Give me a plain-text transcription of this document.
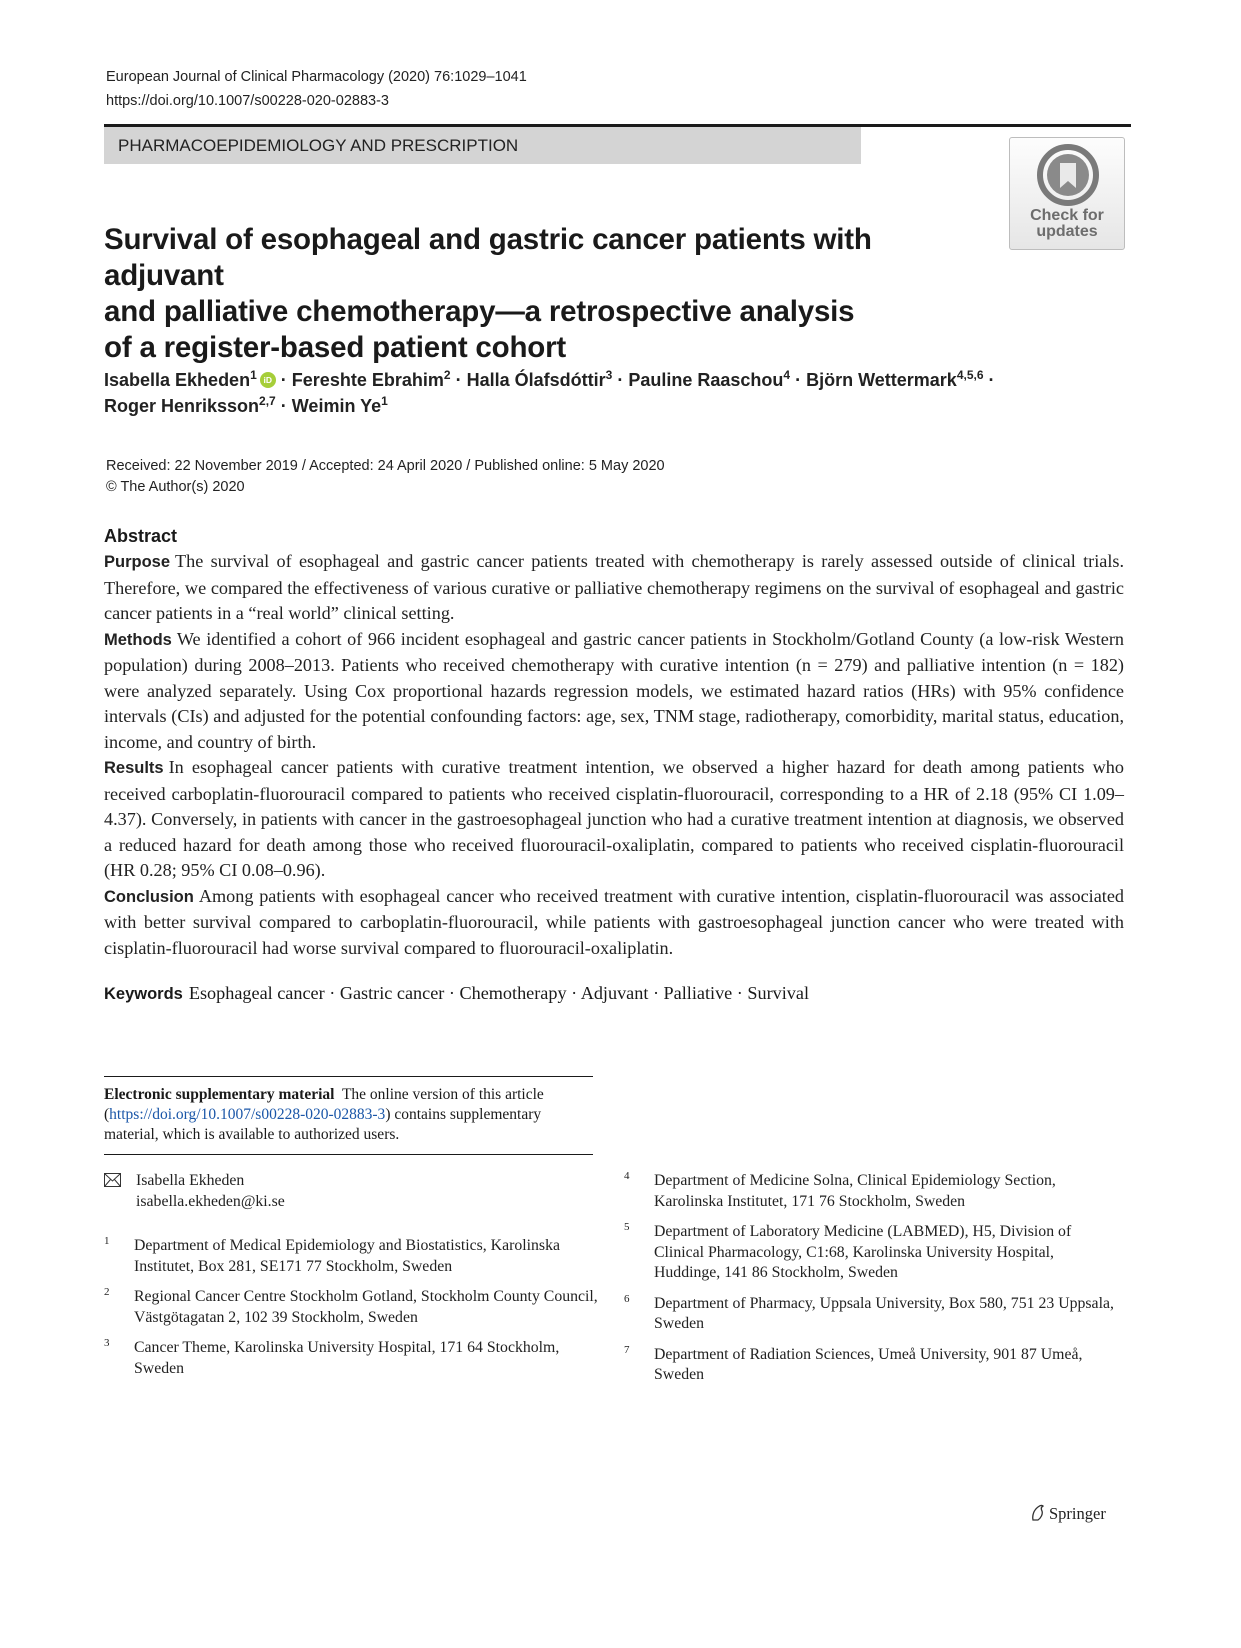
European Journal of Clinical Pharmacology (2020) 76:1029–1041
https://doi.org/10.1007/s00228-020-02883-3
PHARMACOEPIDEMIOLOGY AND PRESCRIPTION
Check for
updates
Survival of esophageal and gastric cancer patients with adjuvant
and palliative chemotherapy—a retrospective analysis
of a register-based patient cohort
Isabella Ekheden$^1$iD · Fereshte Ebrahim$^2$ · Halla Ólafsdóttir$^3$ · Pauline Raaschou$^4$ · Björn Wettermark$^{4,5,6}$ ·
Roger Henriksson$^{2,7}$ · Weimin Ye$^1$
Received: 22 November 2019 / Accepted: 24 April 2020 / Published online: 5 May 2020
© The Author(s) 2020
Abstract

Purpose The survival of esophageal and gastric cancer patients treated with chemotherapy is rarely assessed outside of clinical trials. Therefore, we compared the effectiveness of various curative or palliative chemotherapy regimens on the survival of esophageal and gastric cancer patients in a “real world” clinical setting.

Methods We identified a cohort of 966 incident esophageal and gastric cancer patients in Stockholm/Gotland County (a low-risk Western population) during 2008–2013. Patients who received chemotherapy with curative intention (n = 279) and palliative intention (n = 182) were analyzed separately. Using Cox proportional hazards regression models, we estimated hazard ratios (HRs) with 95% confidence intervals (CIs) and adjusted for the potential confounding factors: age, sex, TNM stage, radiotherapy, comorbidity, marital status, education, income, and country of birth.

Results In esophageal cancer patients with curative treatment intention, we observed a higher hazard for death among patients who received carboplatin-fluorouracil compared to patients who received cisplatin-fluorouracil, corresponding to a HR of 2.18 (95% CI 1.09–4.37). Conversely, in patients with cancer in the gastroesophageal junction who had a curative treatment intention at diagnosis, we observed a reduced hazard for death among those who received fluorouracil-oxaliplatin, compared to patients who received cisplatin-fluorouracil (HR 0.28; 95% CI 0.08–0.96).

Conclusion Among patients with esophageal cancer who received treatment with curative intention, cisplatin-fluorouracil was associated with better survival compared to carboplatin-fluorouracil, while patients with gastroesophageal junction cancer who were treated with cisplatin-fluorouracil had worse survival compared to fluorouracil-oxaliplatin.

Keywords Esophageal cancer · Gastric cancer · Chemotherapy · Adjuvant · Palliative · Survival
Electronic supplementary material The online version of this article (https://doi.org/10.1007/s00228-020-02883-3) contains supplementary material, which is available to authorized users.
Isabella Ekheden
isabella.ekheden@ki.se
1 Department of Medical Epidemiology and Biostatistics, Karolinska Institutet, Box 281, SE171 77 Stockholm, Sweden
2 Regional Cancer Centre Stockholm Gotland, Stockholm County Council, Västgötagatan 2, 102 39 Stockholm, Sweden
3 Cancer Theme, Karolinska University Hospital, 171 64 Stockholm, Sweden
4 Department of Medicine Solna, Clinical Epidemiology Section, Karolinska Institutet, 171 76 Stockholm, Sweden
5 Department of Laboratory Medicine (LABMED), H5, Division of Clinical Pharmacology, C1:68, Karolinska University Hospital, Huddinge, 141 86 Stockholm, Sweden
6 Department of Pharmacy, Uppsala University, Box 580, 751 23 Uppsala, Sweden
7 Department of Radiation Sciences, Umeå University, 901 87 Umeå, Sweden
Springer
